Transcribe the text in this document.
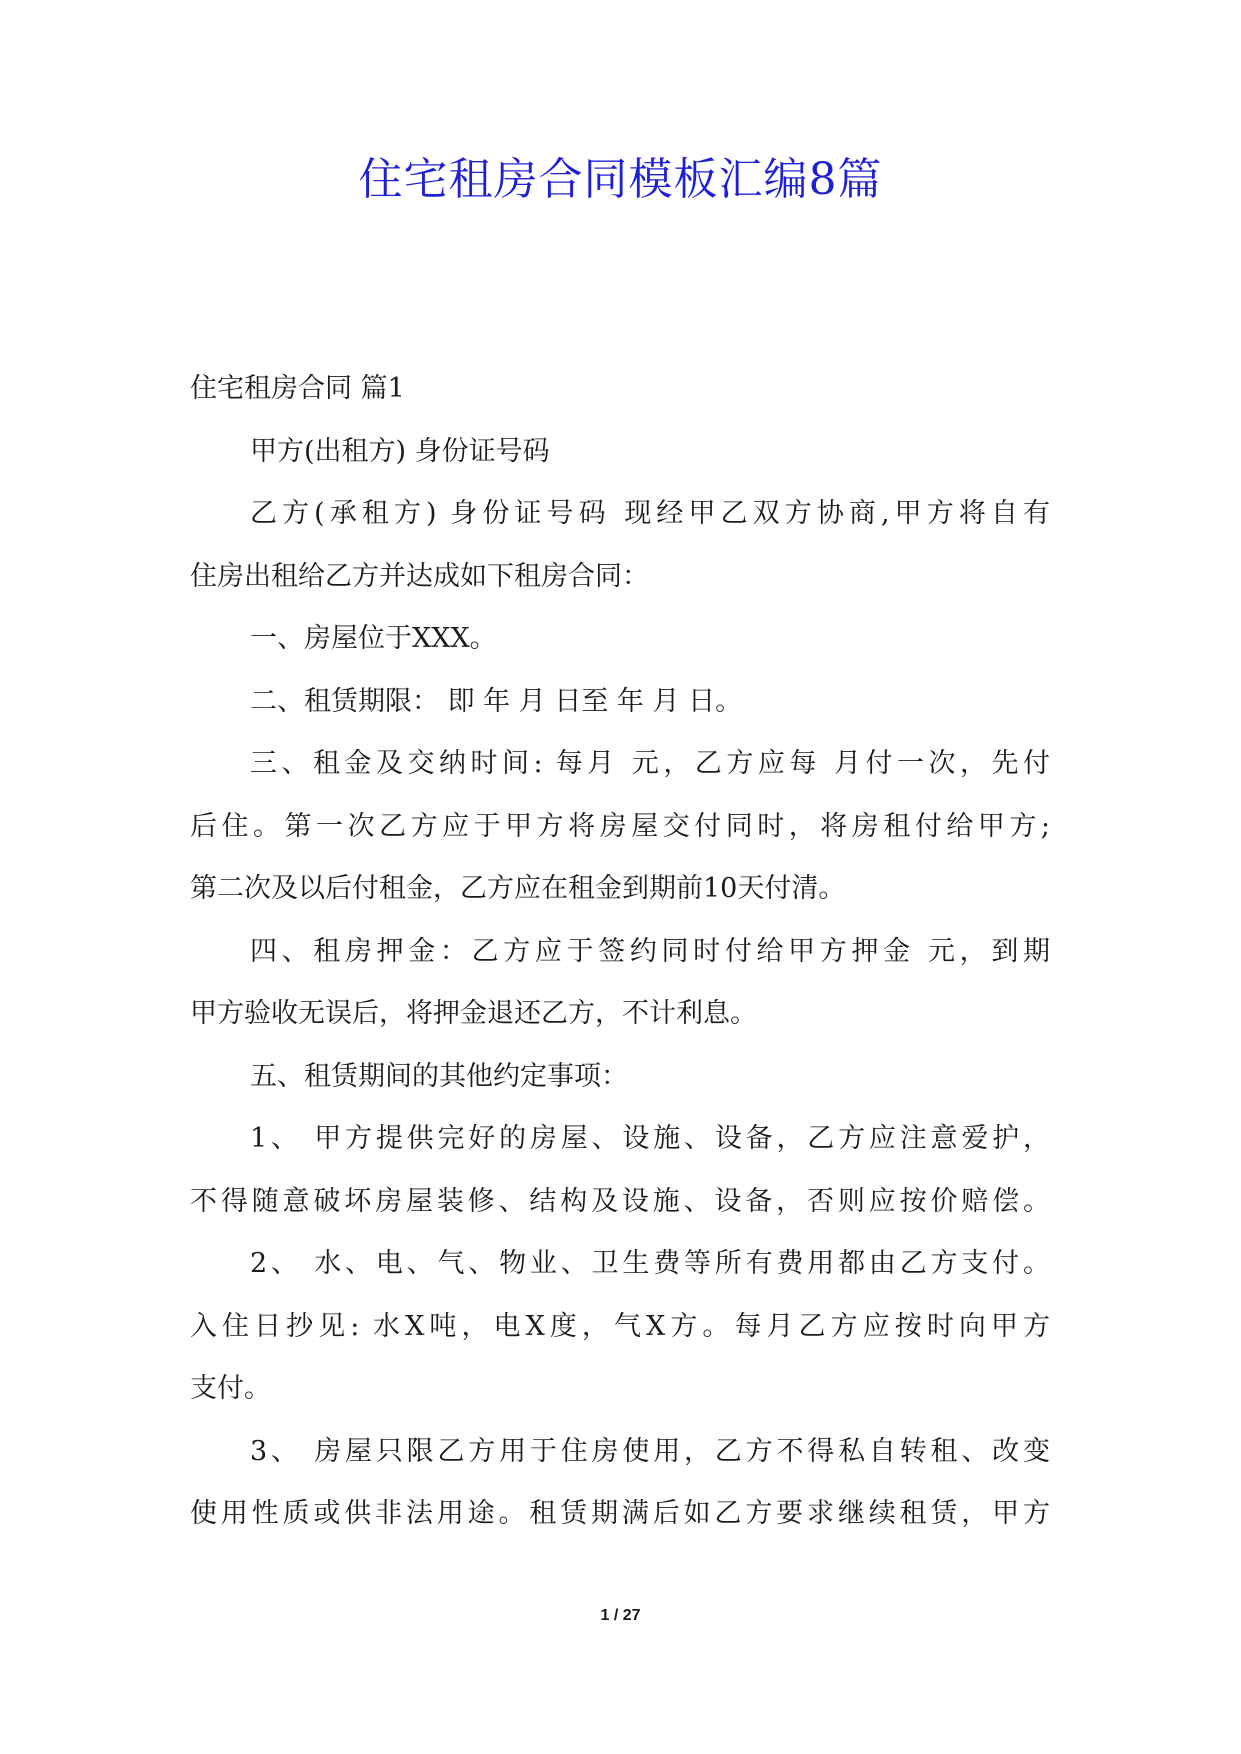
住宅租房合同模板汇编8篇

住宅租房合同 篇1

甲方(出租方) 身份证号码

乙方(承租方) 身份证号码 现经甲乙双方协商,甲方将自有

住房出租给乙方并达成如下租房合同：

一、房屋位于XXX。

二、租赁期限： 即 年 月 日至 年 月 日。

三、租金及交纳时间: 每月 元，乙方应每 月付一次，先付

后住。第一次乙方应于甲方将房屋交付同时，将房租付给甲方;

第二次及以后付租金，乙方应在租金到期前10天付清。

四、租房押金：乙方应于签约同时付给甲方押金 元，到期

甲方验收无误后，将押金退还乙方，不计利息。

五、租赁期间的其他约定事项：

1、 甲方提供完好的房屋、设施、设备，乙方应注意爱护，

不得随意破坏房屋装修、结构及设施、设备，否则应按价赔偿。

2、 水、电、气、物业、卫生费等所有费用都由乙方支付。

入住日抄见: 水X吨，电X度，气X方。每月乙方应按时向甲方

支付。

3、 房屋只限乙方用于住房使用，乙方不得私自转租、改变

使用性质或供非法用途。租赁期满后如乙方要求继续租赁，甲方

1 / 27
